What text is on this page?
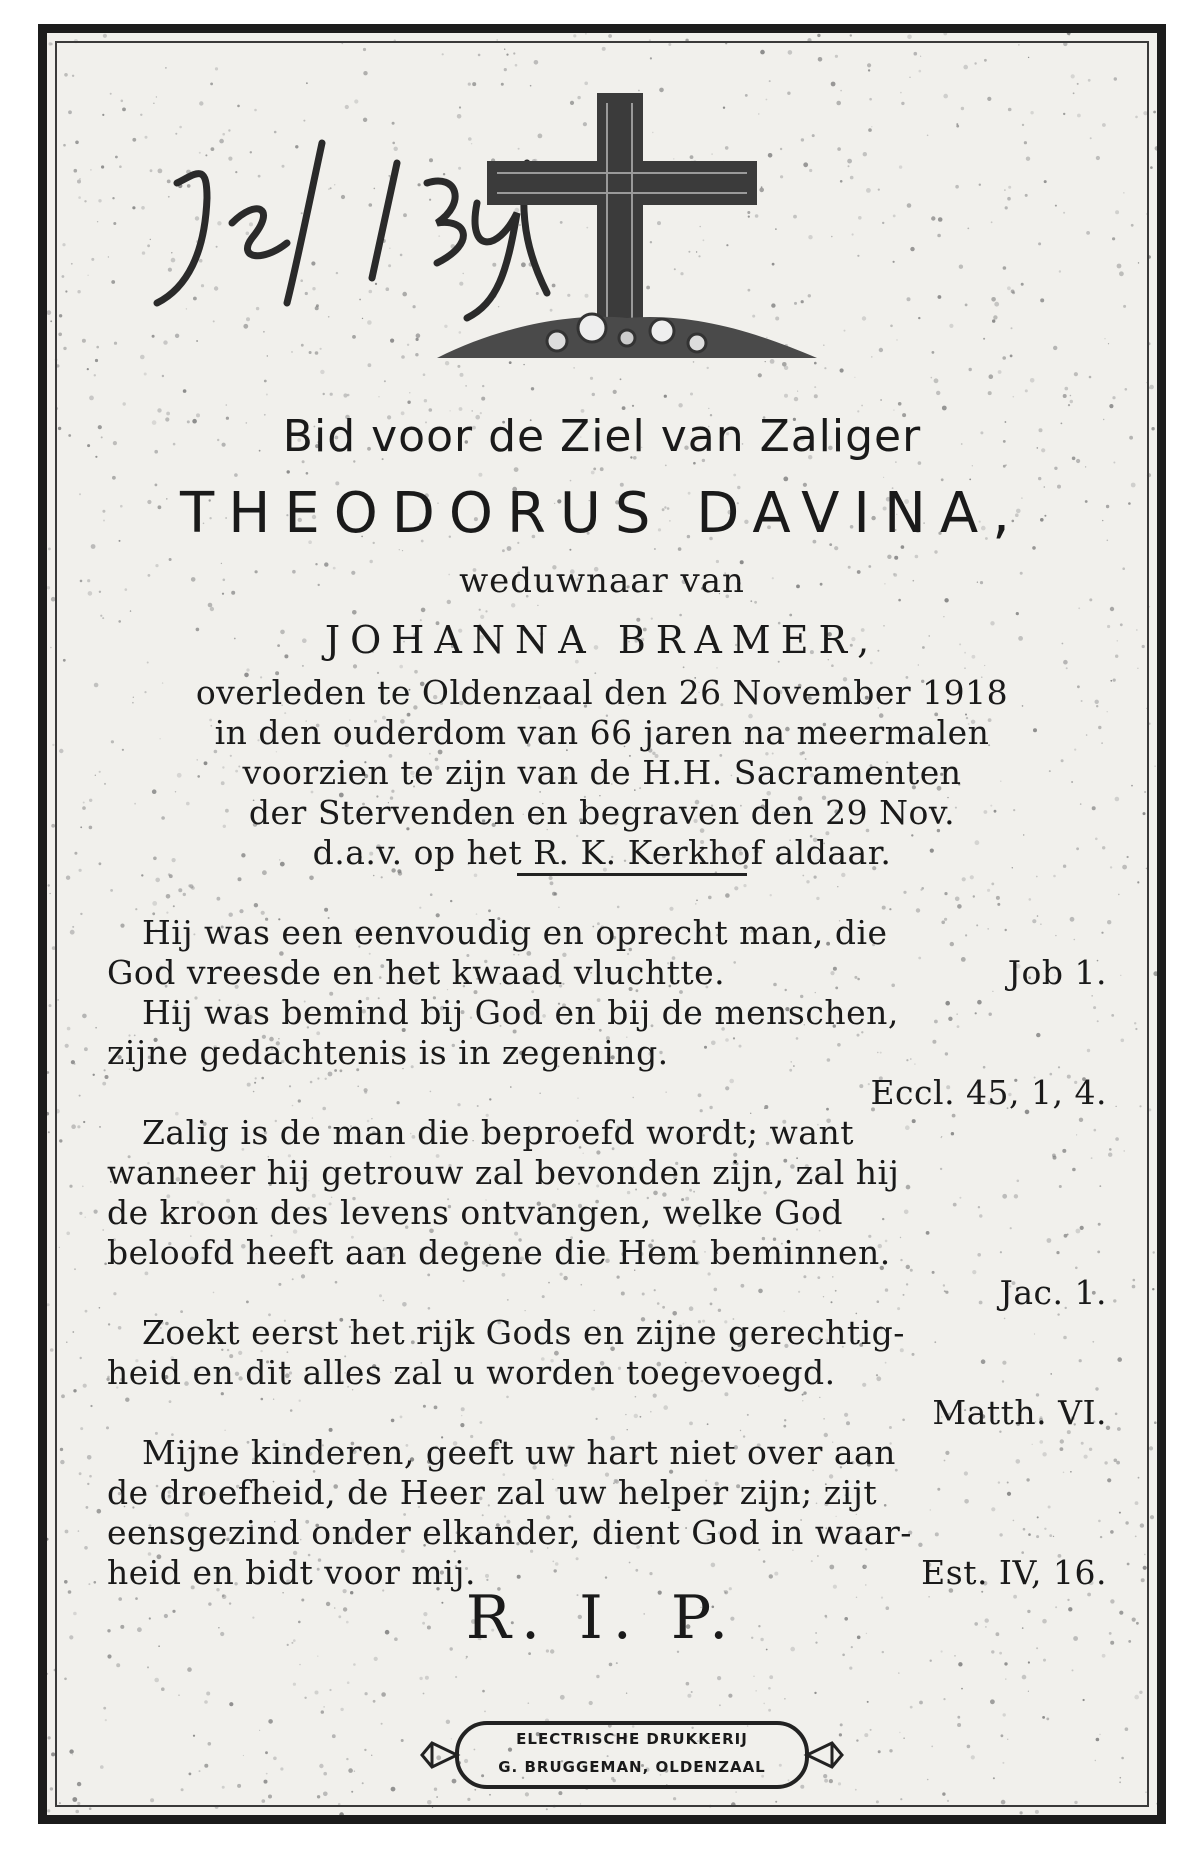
Bid voor de Ziel van Zaliger
THEODORUS DAVINA,
weduwnaar van
JOHANNA BRAMER,
overleden te Oldenzaal den 26 November 1918
in den ouderdom van 66 jaren na meermalen
voorzien te zijn van de H.H. Sacramenten
der Stervenden en begraven den 29 Nov.
d.a.v. op het R. K. Kerkhof aldaar.
R. I. P.
ELECTRISCHE DRUKKERIJ
G. BRUGGEMAN, OLDENZAAL
Hij was een eenvoudig en oprecht man, die
God vreesde en het kwaad vluchtte.	Job 1.
Hij was bemind bij God en bij de menschen,
zijne gedachtenis is in zegening.
Eccl. 45, 1, 4.
Zalig is de man die beproefd wordt; want
wanneer hij getrouw zal bevonden zijn, zal hij
de kroon des levens ontvangen, welke God
beloofd heeft aan degene die Hem beminnen.
Jac. 1.
Zoekt eerst het rijk Gods en zijne gerechtig-
heid en dit alles zal u worden toegevoegd.
Matth. VI.
Mijne kinderen, geeft uw hart niet over aan
de droefheid, de Heer zal uw helper zijn; zijt
eensgezind onder elkander, dient God in waar-
heid en bidt voor mij.	Est. IV, 16.
